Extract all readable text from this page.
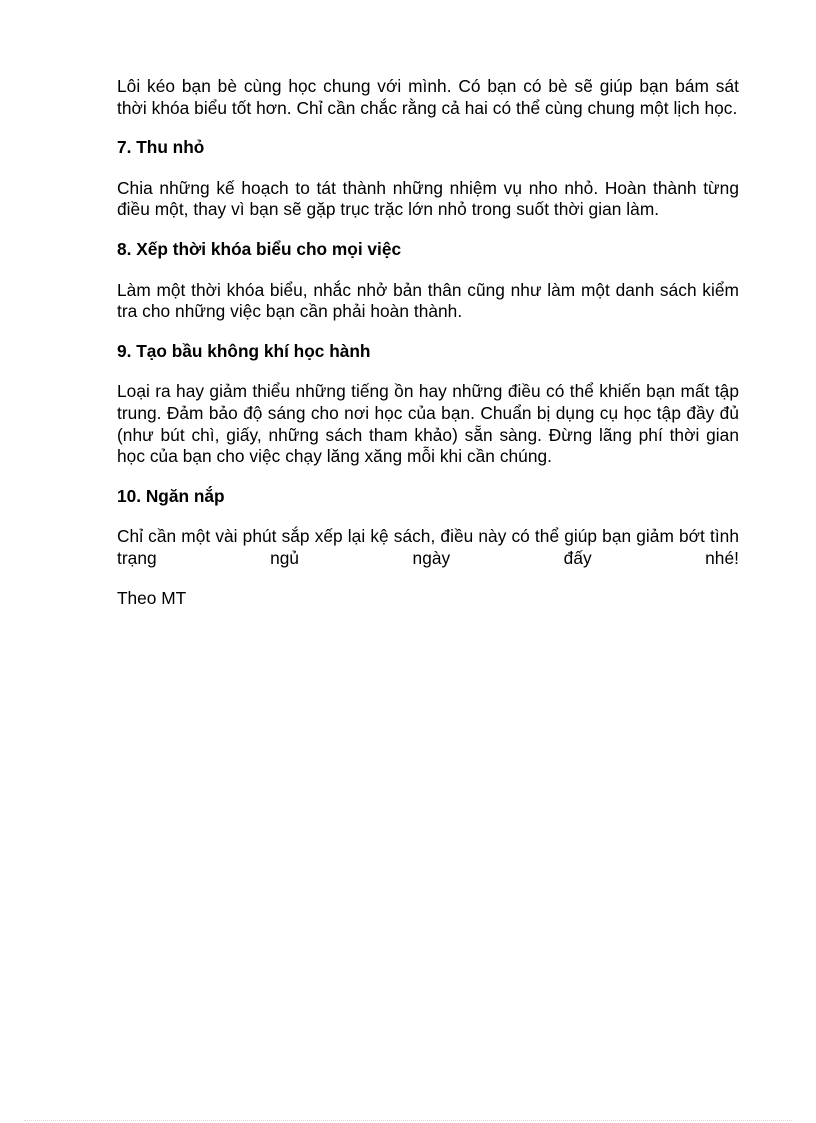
Lôi kéo bạn bè cùng học chung với mình. Có bạn có bè sẽ giúp bạn bám sát thời khóa biểu tốt hơn. Chỉ cần chắc rằng cả hai có thể cùng chung một lịch học.

7. Thu nhỏ

Chia những kế hoạch to tát thành những nhiệm vụ nho nhỏ. Hoàn thành từng điều một, thay vì bạn sẽ gặp trục trặc lớn nhỏ trong suốt thời gian làm.

8. Xếp thời khóa biểu cho mọi việc

Làm một thời khóa biểu, nhắc nhở bản thân cũng như làm một danh sách kiểm tra cho những việc bạn cần phải hoàn thành.

9. Tạo bầu không khí học hành

Loại ra hay giảm thiểu những tiếng ồn hay những điều có thể khiến bạn mất tập trung. Đảm bảo độ sáng cho nơi học của bạn. Chuẩn bị dụng cụ học tập đầy đủ (như bút chì, giấy, những sách tham khảo) sẵn sàng. Đừng lãng phí thời gian học của bạn cho việc chạy lăng xăng mỗi khi cần chúng.

10. Ngăn nắp

Chỉ cần một vài phút sắp xếp lại kệ sách, điều này có thể giúp bạn giảm bớt tình trạng ngủ ngày đấy nhé!

Theo MT
